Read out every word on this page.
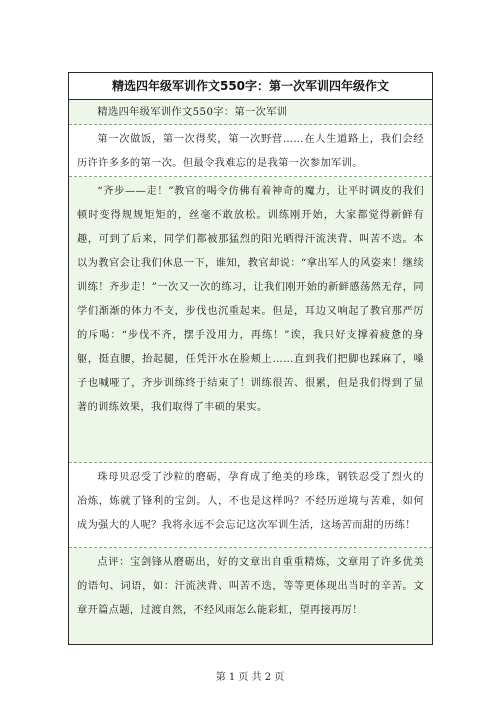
精选四年级军训作文550字：第一次军训四年级作文
精选四年级军训作文550字：第一次军训
第一次做饭，第一次得奖，第一次野营……在人生道路上，我们会经历许许多多的第一次。但最令我难忘的是我第一次参加军训。
“齐步——走！”教官的喝令仿佛有着神奇的魔力，让平时调皮的我们顿时变得规规矩矩的，丝毫不敢放松。训练刚开始，大家都觉得新鲜有趣，可到了后来，同学们都被那猛烈的阳光晒得汗流浃背、叫苦不迭。本以为教官会让我们休息一下，谁知，教官却说：“拿出军人的风姿来！继续训练！齐步走！”一次又一次的练习，让我们刚开始的新鲜感荡然无存，同学们渐渐的体力不支，步伐也沉重起来。但是，耳边又响起了教官那严厉的斥喝：“步伐不齐，摆手没用力，再练！”诶，我只好支撑着疲惫的身躯，挺直腰，抬起腿，任凭汗水在脸颊上……直到我们把脚也踩麻了，嗓子也喊哑了，齐步训练终于结束了！训练很苦、很累，但是我们得到了显著的训练效果，我们取得了丰硕的果实。
珠母贝忍受了沙粒的磨砺，孕育成了绝美的珍珠，钢铁忍受了烈火的冶炼，炼就了锋利的宝剑。人，不也是这样吗？不经历逆境与苦难，如何成为强大的人呢？我将永远不会忘记这次军训生活，这场苦而甜的历练！
点评：宝剑锋从磨砺出，好的文章出自重重精炼，文章用了许多优美的语句、词语，如：汗流浃背、叫苦不迭，等等更体现出当时的辛苦。文章开篇点题，过渡自然，不经风雨怎么能彩虹，望再接再厉！
第 1 页 共 2 页
